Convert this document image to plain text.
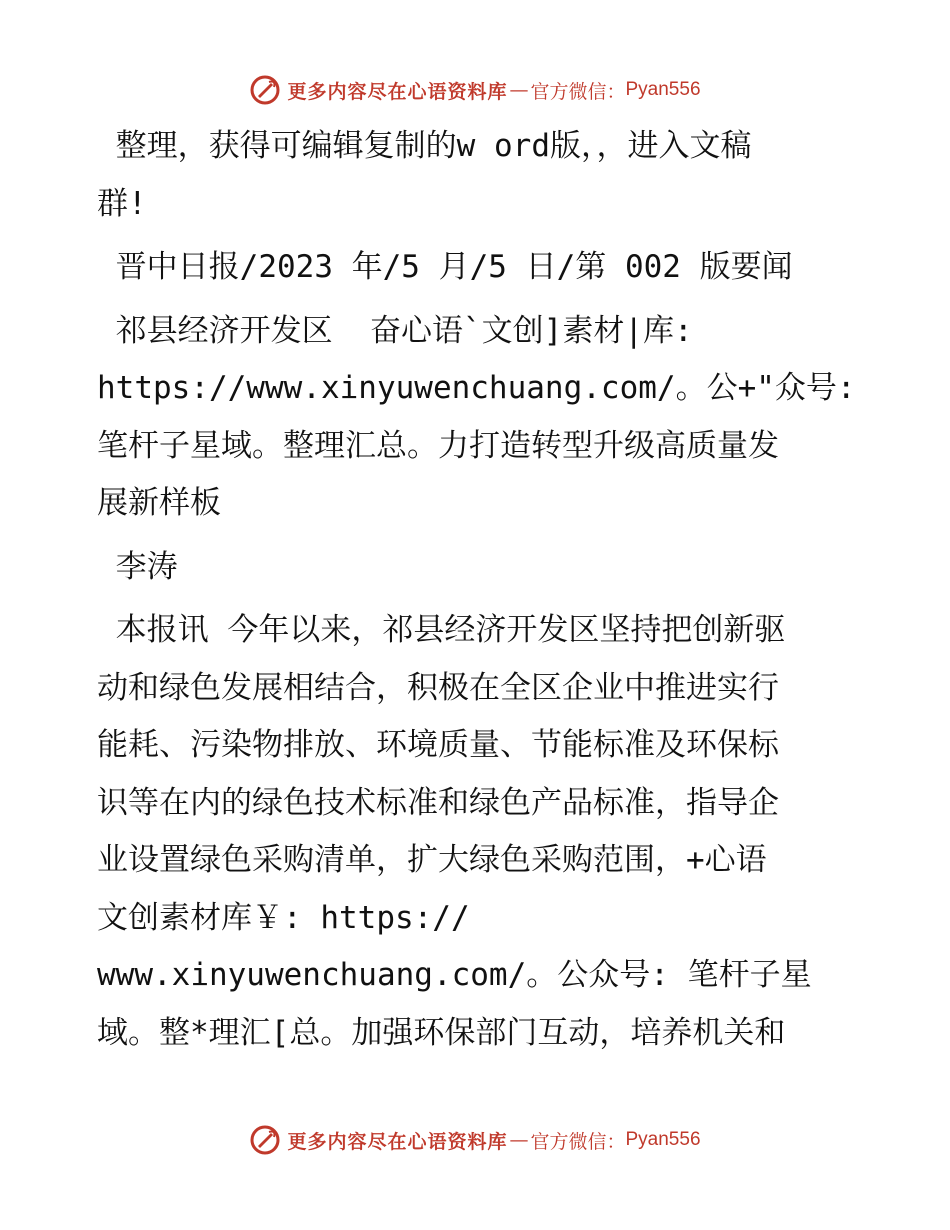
更多内容尽在心语资料库 — 官方微信： Pyan556
整理，获得可编辑复制的w ord版，，进入文稿
群!
晋中日报/2023 年/5 月/5 日/第 002 版要闻
祁县经济开发区  奋心语`文创]素材|库:
https://www.xinyuwenchuang.com/。公+"众号:
笔杆子星域。整理汇总。力打造转型升级高质量发
展新样板
李涛
本报讯 今年以来，祁县经济开发区坚持把创新驱
动和绿色发展相结合，积极在全区企业中推进实行
能耗、污染物排放、环境质量、节能标准及环保标
识等在内的绿色技术标准和绿色产品标准，指导企
业设置绿色采购清单，扩大绿色采购范围，+心语
文创素材库￥: https://
www.xinyuwenchuang.com/。公众号: 笔杆子星
域。整*理汇[总。加强环保部门互动，培养机关和
更多内容尽在心语资料库 — 官方微信： Pyan556
